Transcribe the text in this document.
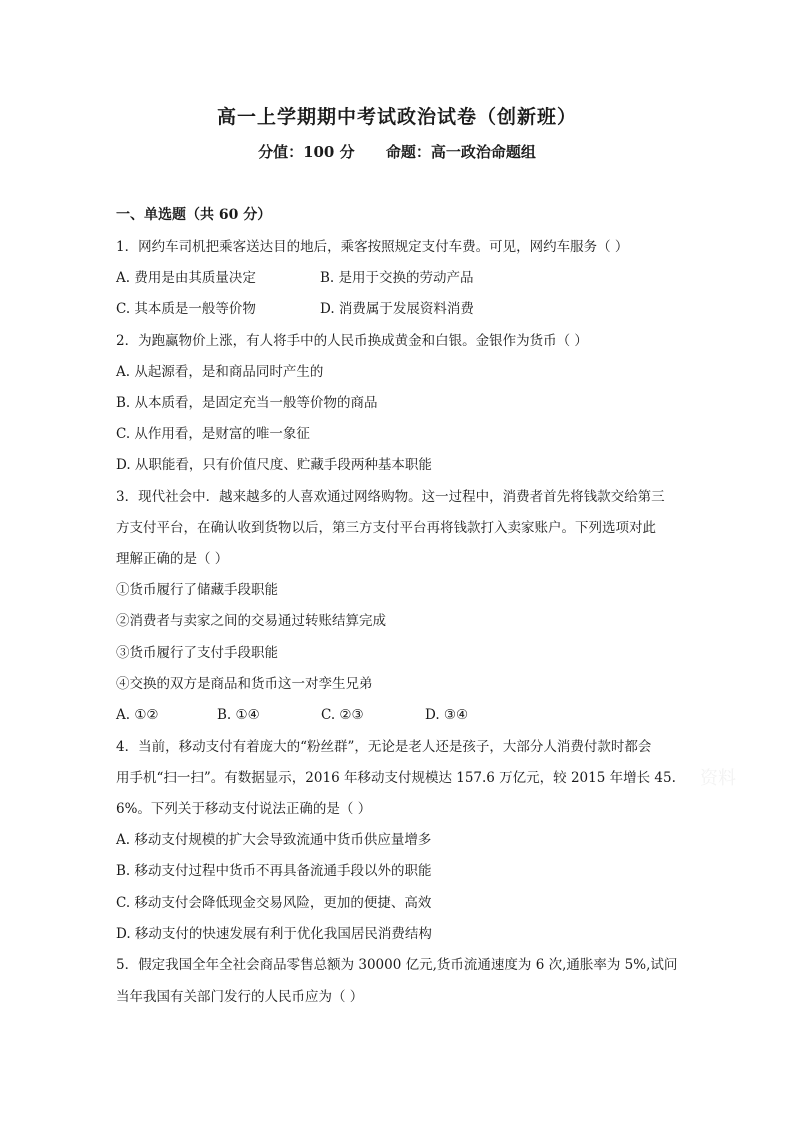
高一上学期期中考试政治试卷（创新班）
分值：100 分      命题：高一政治命题组
一、单选题（共 60 分）
1．网约车司机把乘客送达目的地后，乘客按照规定支付车费。可见，网约车服务（ ）
A. 费用是由其质量决定	B. 是用于交换的劳动产品
C. 其本质是一般等价物	D. 消费属于发展资料消费
2．为跑赢物价上涨，有人将手中的人民币换成黄金和白银。金银作为货币（ ）
A. 从起源看，是和商品同时产生的
B. 从本质看，是固定充当一般等价物的商品
C. 从作用看，是财富的唯一象征
D. 从职能看，只有价值尺度、贮藏手段两种基本职能
3．现代社会中．越来越多的人喜欢通过网络购物。这一过程中，消费者首先将钱款交给第三
方支付平台，在确认收到货物以后，第三方支付平台再将钱款打入卖家账户。下列选项对此
理解正确的是（ ）
①货币履行了储藏手段职能
②消费者与卖家之间的交易通过转账结算完成
③货币履行了支付手段职能
④交换的双方是商品和货币这一对孪生兄弟
A. ①②	B. ①④	C. ②③	D. ③④
4．当前，移动支付有着庞大的“粉丝群”，无论是老人还是孩子，大部分人消费付款时都会
用手机“扫一扫”。有数据显示，2016 年移动支付规模达 157.6 万亿元，较 2015 年增长 45.
6%。下列关于移动支付说法正确的是（ ）
A. 移动支付规模的扩大会导致流通中货币供应量增多
B. 移动支付过程中货币不再具备流通手段以外的职能
C. 移动支付会降低现金交易风险，更加的便捷、高效
D. 移动支付的快速发展有利于优化我国居民消费结构
5．假定我国全年全社会商品零售总额为 30000 亿元,货币流通速度为 6 次,通胀率为 5%,试问
当年我国有关部门发行的人民币应为（ ）
资料
